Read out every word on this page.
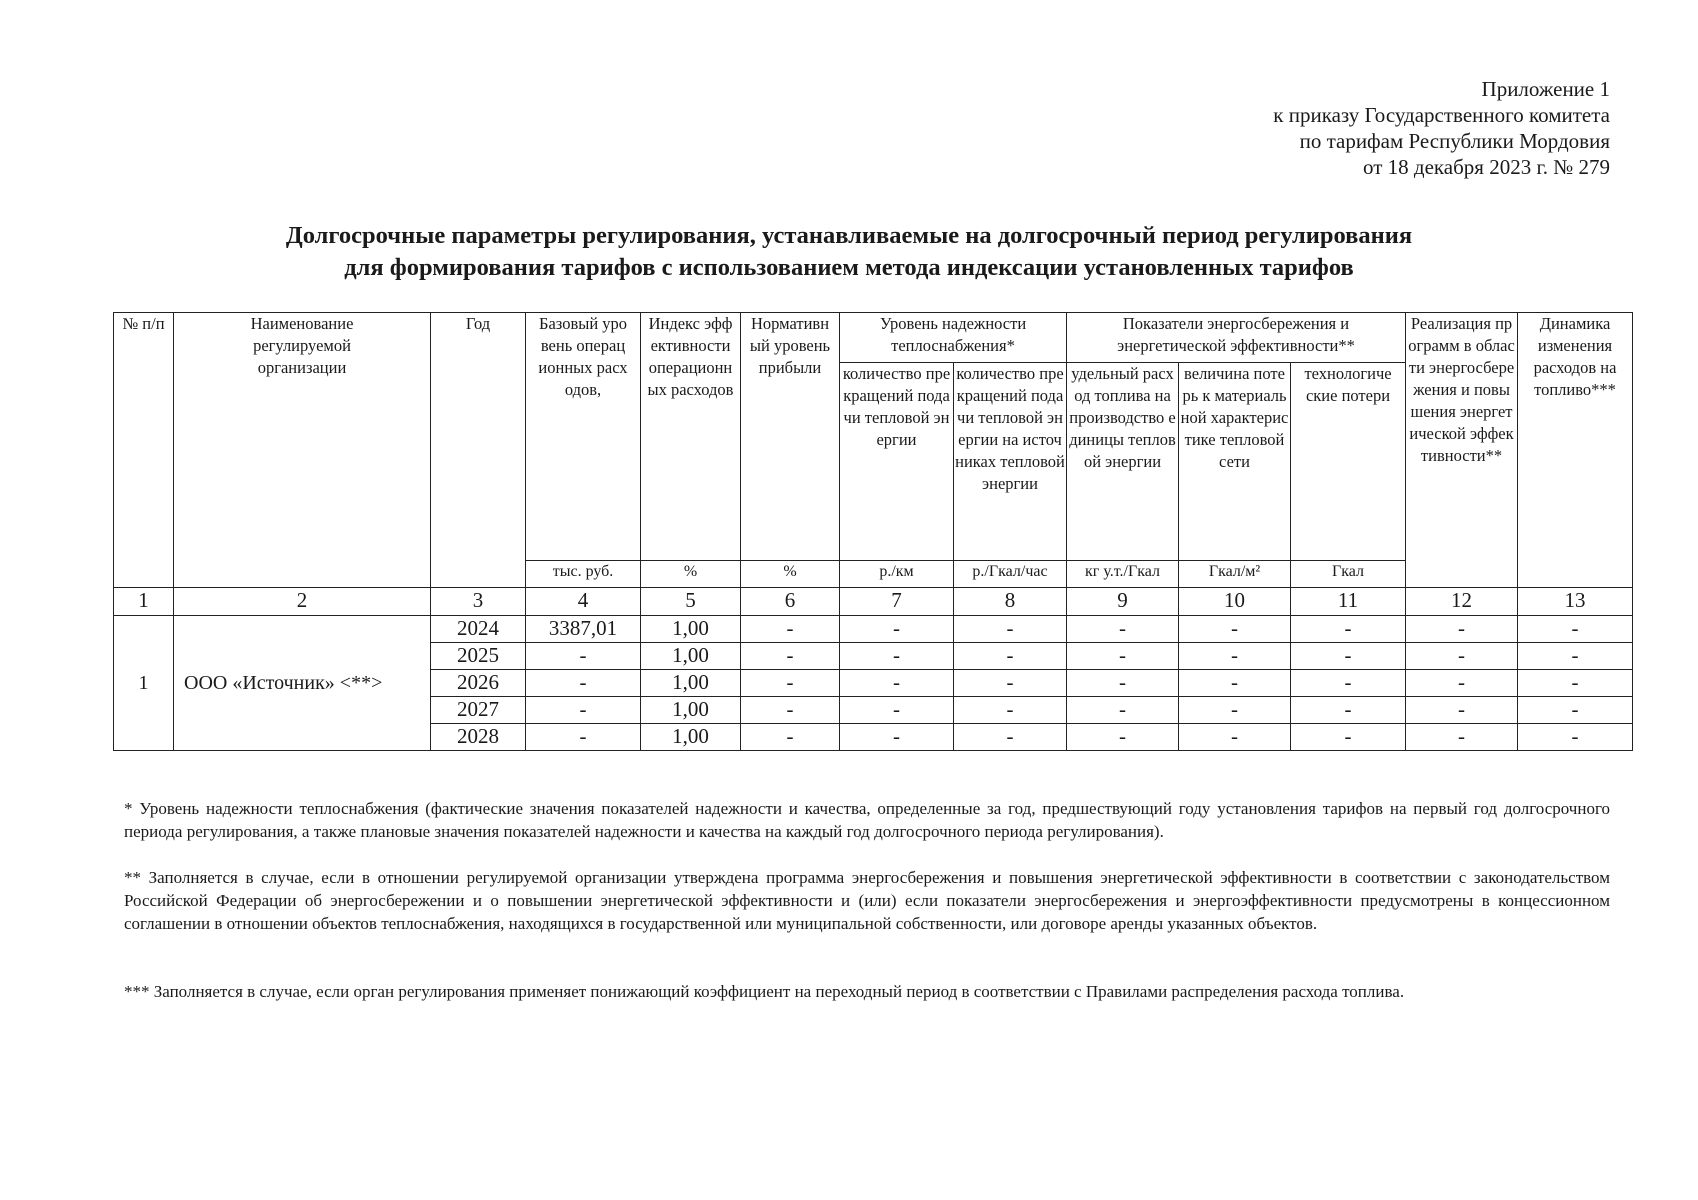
Приложение 1
к приказу Государственного комитета
по тарифам Республики Мордовия
от 18 декабря 2023 г. № 279
Долгосрочные параметры регулирования, устанавливаемые на долгосрочный период регулирования
для формирования тарифов с использованием метода индексации установленных тарифов
№ п/п	Наименование регулируемой организации	Год	Базовый уровень операционных расходов,	Индекс эффективности операционных расходов	Нормативный уровень прибыли	Уровень надежности теплоснабжения*		Показатели энергосбережения и энергетической эффективности**			Реализация программ в области энергосбережения и повышения энергетической эффективности**	Динамика изменения расходов на топливо***
						количество прекращений подачи тепловой энергии	количество прекращений подачи тепловой энергии на источниках тепловой энергии	удельный расход топлива на производство единицы тепловой энергии	величина потерь к материальной характеристике тепловой сети	технологические потери		
			тыс. руб.	%	%	р./км	р./Гкал/час	кг у.т./Гкал	Гкал/м²	Гкал		
1	2	3	4	5	6	7	8	9	10	11	12	13
1	ООО «Источник» <**>	2024	3387,01	1,00	-	-	-	-	-	-	-	-
		2025	-	1,00	-	-	-	-	-	-	-	-
		2026	-	1,00	-	-	-	-	-	-	-	-
		2027	-	1,00	-	-	-	-	-	-	-	-
		2028	-	1,00	-	-	-	-	-	-	-	-
* Уровень надежности теплоснабжения (фактические значения показателей надежности и качества, определенные за год, предшествующий году установления тарифов на первый год долгосрочного периода регулирования, а также плановые значения показателей надежности и качества на каждый год долгосрочного периода регулирования).
** Заполняется в случае, если в отношении регулируемой организации утверждена программа энергосбережения и повышения энергетической эффективности в соответствии с законодательством Российской Федерации об энергосбережении и о повышении энергетической эффективности и (или) если показатели энергосбережения и энергоэффективности предусмотрены в концессионном соглашении в отношении объектов теплоснабжения, находящихся в государственной или муниципальной собственности, или договоре аренды указанных объектов.
*** Заполняется в случае, если орган регулирования применяет понижающий коэффициент на переходный период в соответствии с Правилами распределения расхода топлива.
